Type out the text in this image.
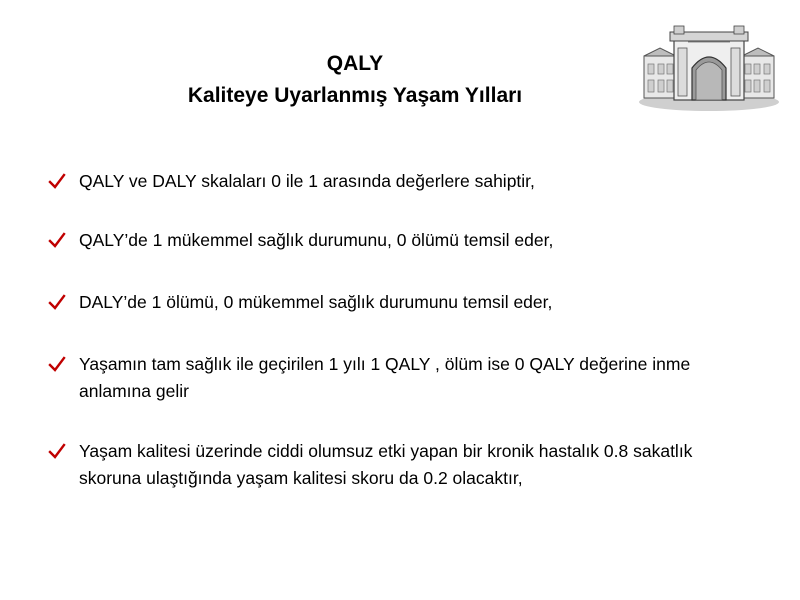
QALY
Kaliteye Uyarlanmış Yaşam Yılları
QALY ve DALY skalaları 0 ile 1 arasında değerlere sahiptir,
QALY’de 1 mükemmel sağlık durumunu, 0 ölümü temsil eder,
DALY’de 1 ölümü, 0 mükemmel sağlık durumunu temsil eder,
Yaşamın tam sağlık ile geçirilen 1 yılı 1 QALY , ölüm ise 0 QALY değerine inme anlamına gelir
Yaşam kalitesi üzerinde ciddi olumsuz etki yapan bir kronik hastalık 0.8 sakatlık skoruna ulaştığında yaşam kalitesi skoru da 0.2 olacaktır,
